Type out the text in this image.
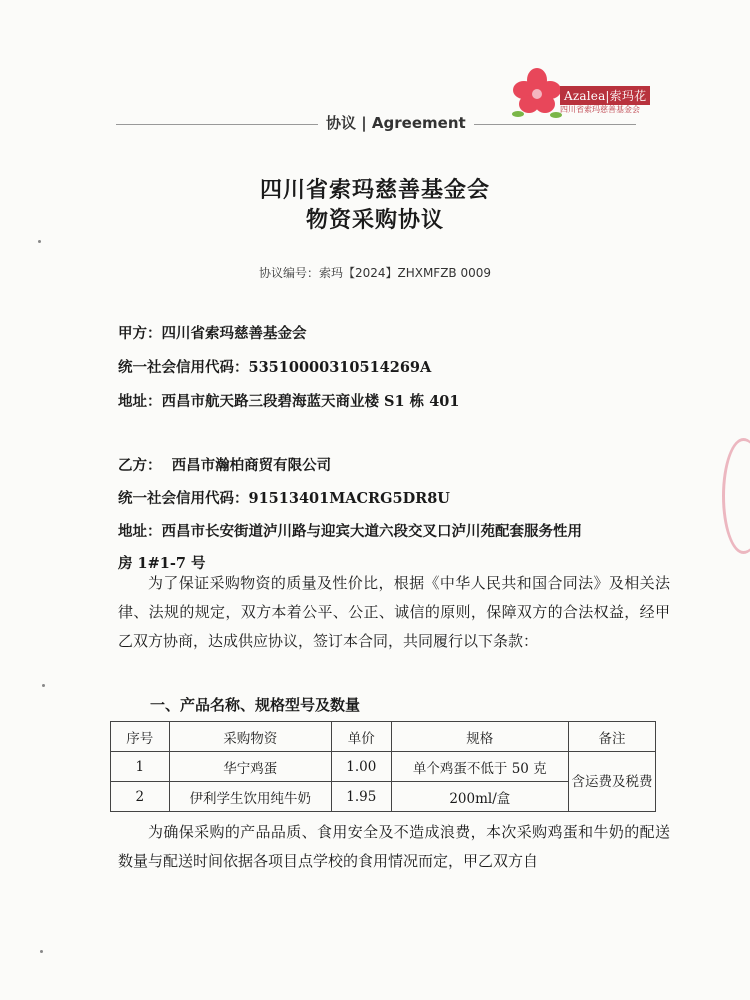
Azalea|索玛花
四川省索玛慈善基金会
协议 | Agreement
四川省索玛慈善基金会
物资采购协议
协议编号：索玛【2024】ZHXMFZB 0009
甲方：四川省索玛慈善基金会
统一社会信用代码：53510000310514269A
地址：西昌市航天路三段碧海蓝天商业楼 S1 栋 401
乙方：  西昌市瀚柏商贸有限公司
统一社会信用代码：91513401MACRG5DR8U
地址：西昌市长安街道泸川路与迎宾大道六段交叉口泸川苑配套服务性用
房 1#1-7 号
为了保证采购物资的质量及性价比，根据《中华人民共和国合同法》及相关法律、法规的规定，双方本着公平、公正、诚信的原则，保障双方的合法权益，经甲乙双方协商，达成供应协议，签订本合同，共同履行以下条款：
一、产品名称、规格型号及数量
序号	采购物资	单价	规格	备注
1	华宁鸡蛋	1.00	单个鸡蛋不低于 50 克	含运费及税费
2	伊利学生饮用纯牛奶	1.95	200ml/盒	
为确保采购的产品品质、食用安全及不造成浪费，本次采购鸡蛋和牛奶的配送数量与配送时间依据各项目点学校的食用情况而定，甲乙双方自
